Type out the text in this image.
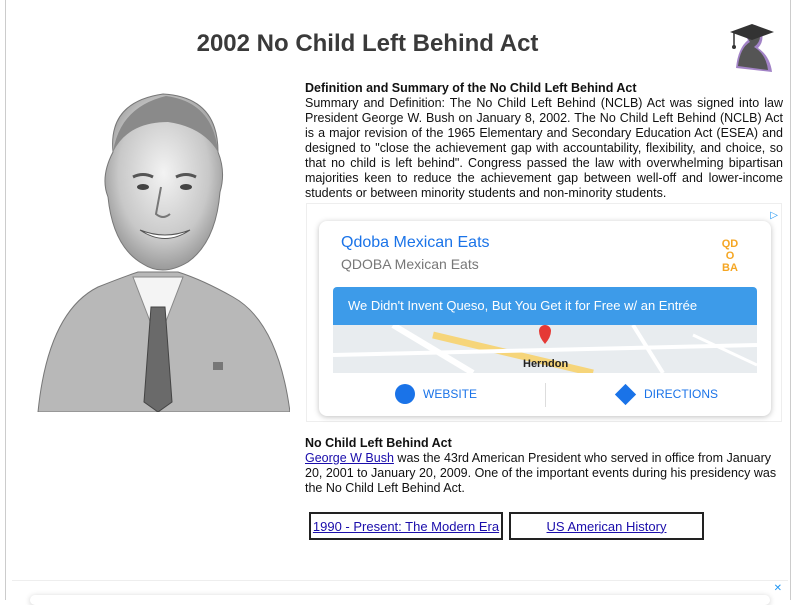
2002 No Child Left Behind Act
Definition and Summary of the No Child Left Behind Act

Summary and Definition: The No Child Left Behind (NCLB) Act was signed into law President George W. Bush on January 8, 2002. The No Child Left Behind (NCLB) Act is a major revision of the 1965 Elementary and Secondary Education Act (ESEA) and designed to "close the achievement gap with accountability, flexibility, and choice, so that no child is left behind". Congress passed the law with overwhelming bipartisan majorities keen to reduce the achievement gap between well-off and lower-income students or between minority students and non-minority students.

▷
Qdoba Mexican Eats
QDOBA Mexican Eats
QD
O
BA
We Didn't Invent Queso, But You Get it for Free w/ an Entrée
Herndon
WEBSITE	DIRECTIONS
No Child Left Behind Act

George W Bush was the 43rd American President who served in office from January 20, 2001 to January 20, 2009. One of the important events during his presidency was the No Child Left Behind Act.

1990 - Present: The Modern Era	US American History
✕
